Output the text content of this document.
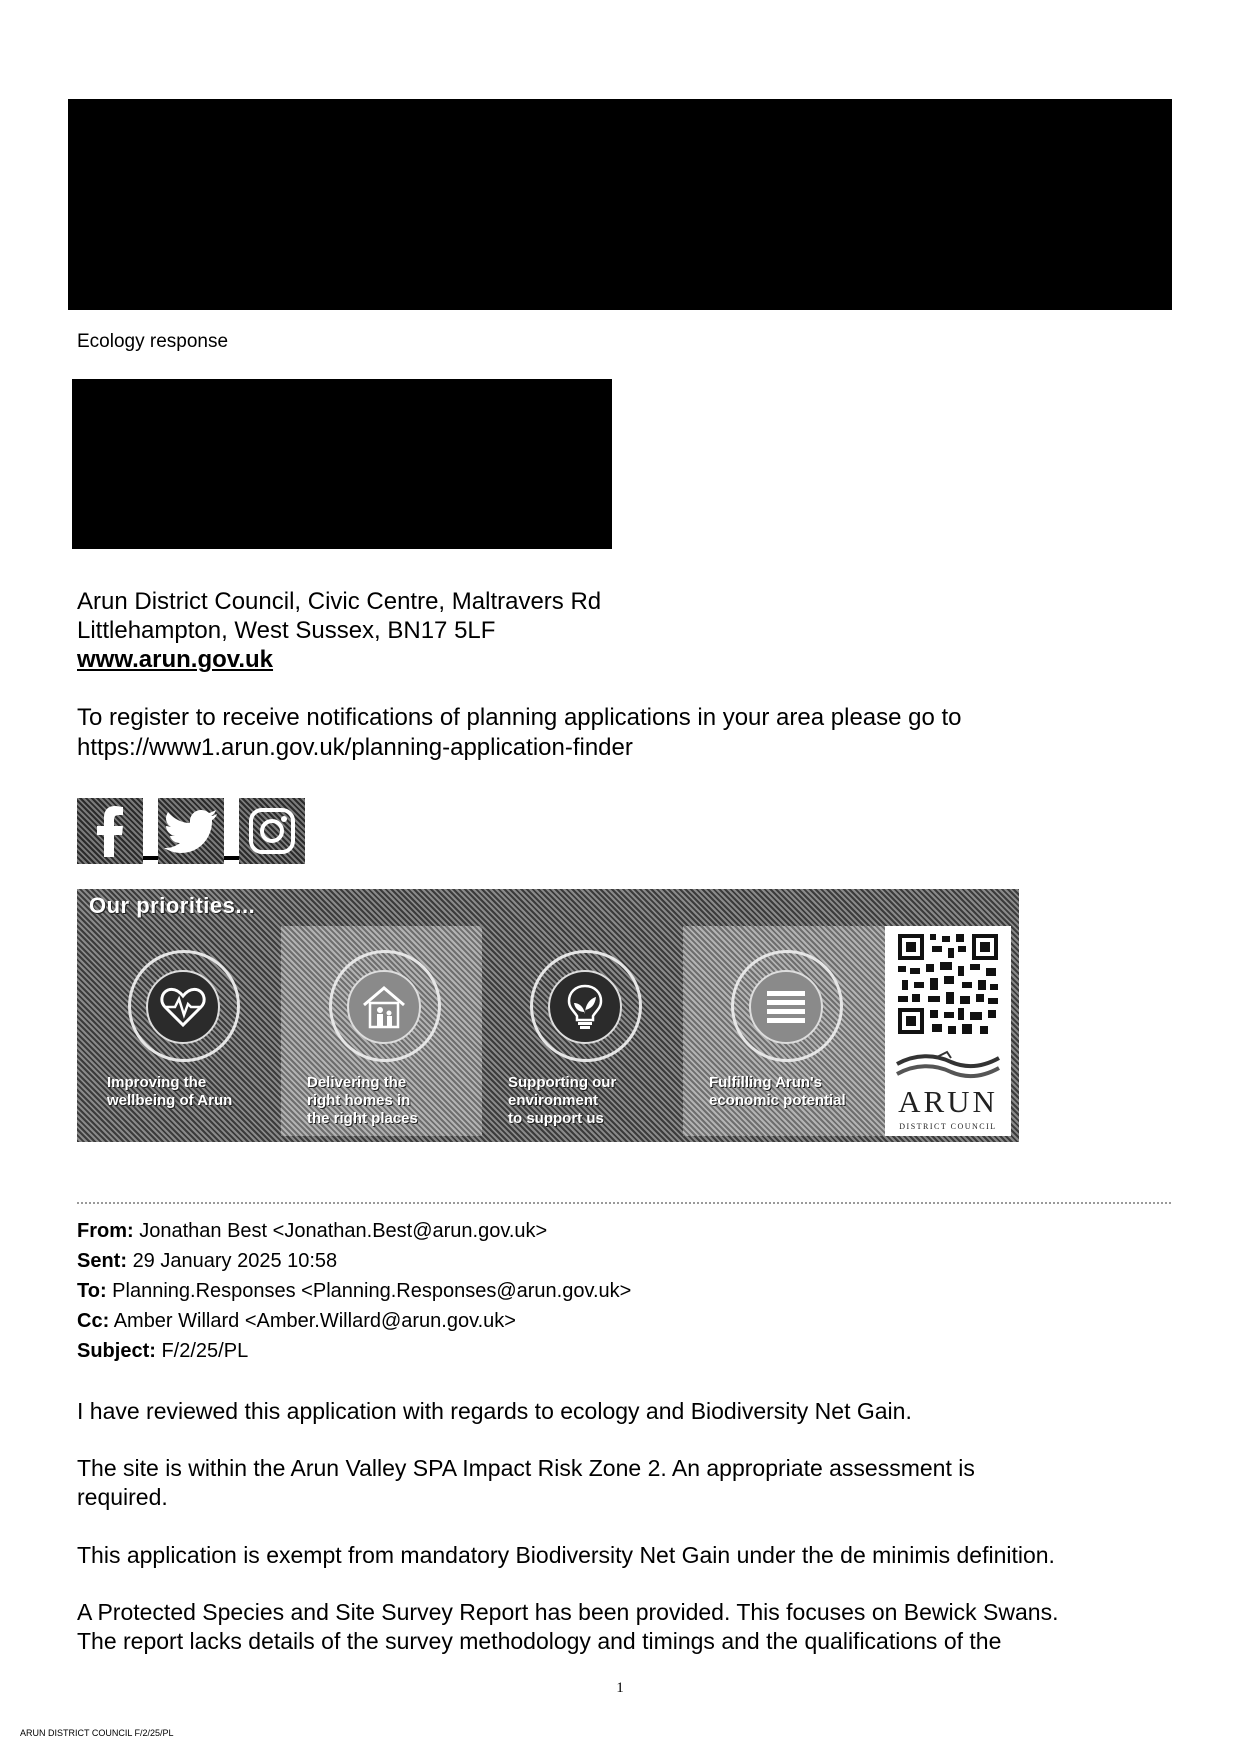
Ecology response
Arun District Council, Civic Centre, Maltravers Rd
Littlehampton, West Sussex, BN17 5LF
www.arun.gov.uk
To register to receive notifications of planning applications in your area please go to
https://www1.arun.gov.uk/planning-application-finder
Our priorities...
Improving the
wellbeing of Arun
Delivering the
right homes in
the right places
Supporting our
environment
to support us
Fulfilling Arun's
economic potential	ARUN
DISTRICT COUNCIL
From: Jonathan Best <Jonathan.Best@arun.gov.uk>
Sent: 29 January 2025 10:58
To: Planning.Responses <Planning.Responses@arun.gov.uk>
Cc: Amber Willard <Amber.Willard@arun.gov.uk>
Subject: F/2/25/PL
I have reviewed this application with regards to ecology and Biodiversity Net Gain.
The site is within the Arun Valley SPA Impact Risk Zone 2. An appropriate assessment is
required.
This application is exempt from mandatory Biodiversity Net Gain under the de minimis definition.
A Protected Species and Site Survey Report has been provided. This focuses on Bewick Swans.
The report lacks details of the survey methodology and timings and the qualifications of the
1
ARUN DISTRICT COUNCIL F/2/25/PL
